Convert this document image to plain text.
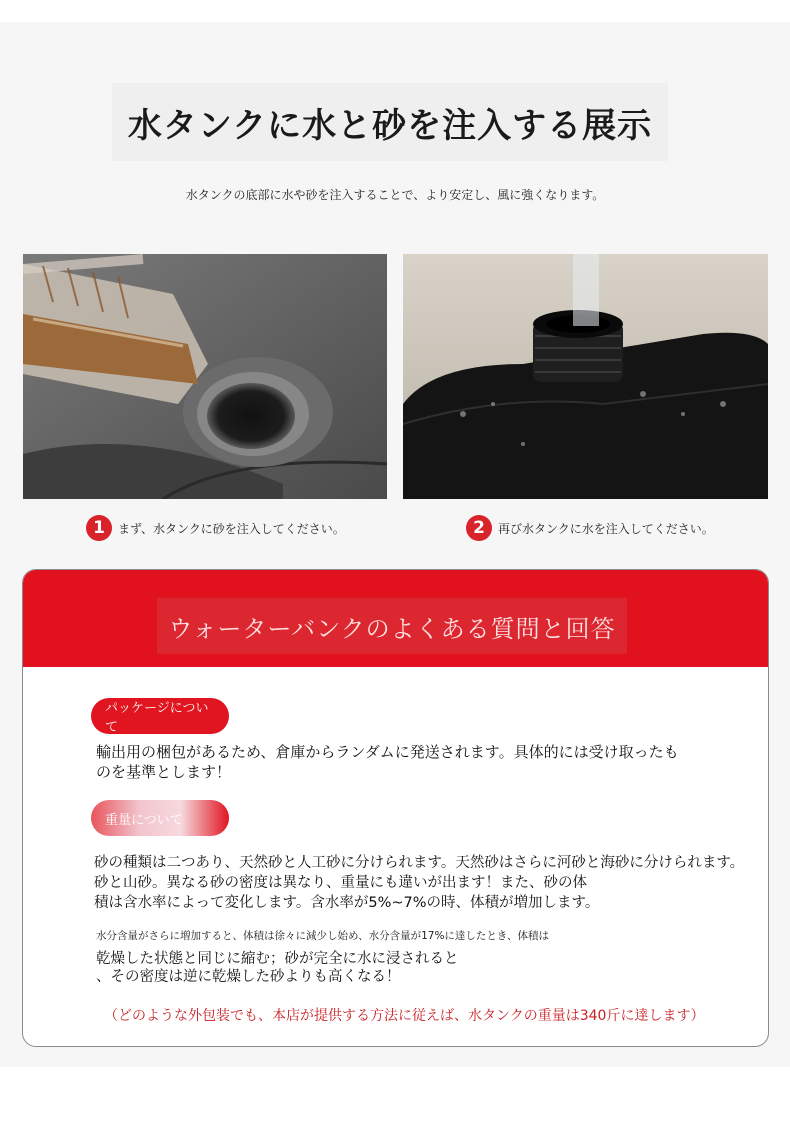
水タンクに水と砂を注入する展示
水タンクの底部に水や砂を注入することで、より安定し、風に強くなります。
1	まず、水タンクに砂を注入してください。	2	再び水タンクに水を注入してください。
ウォーターバンクのよくある質問と回答
パッケージについて
輸出用の梱包があるため、倉庫からランダムに発送されます。具体的には受け取ったも
のを基準とします！
重量について
砂の種類は二つあり、天然砂と人工砂に分けられます。天然砂はさらに河砂と海砂に分けられます。
砂と山砂。異なる砂の密度は異なり、重量にも違いが出ます！また、砂の体
積は含水率によって変化します。含水率が5%~7%の時、体積が増加します。
水分含量がさらに増加すると、体積は徐々に減少し始め、水分含量が17%に達したとき、体積は
乾燥した状態と同じに縮む；砂が完全に水に浸されると
、その密度は逆に乾燥した砂よりも高くなる！
（どのような外包装でも、本店が提供する方法に従えば、水タンクの重量は340斤に達します）
